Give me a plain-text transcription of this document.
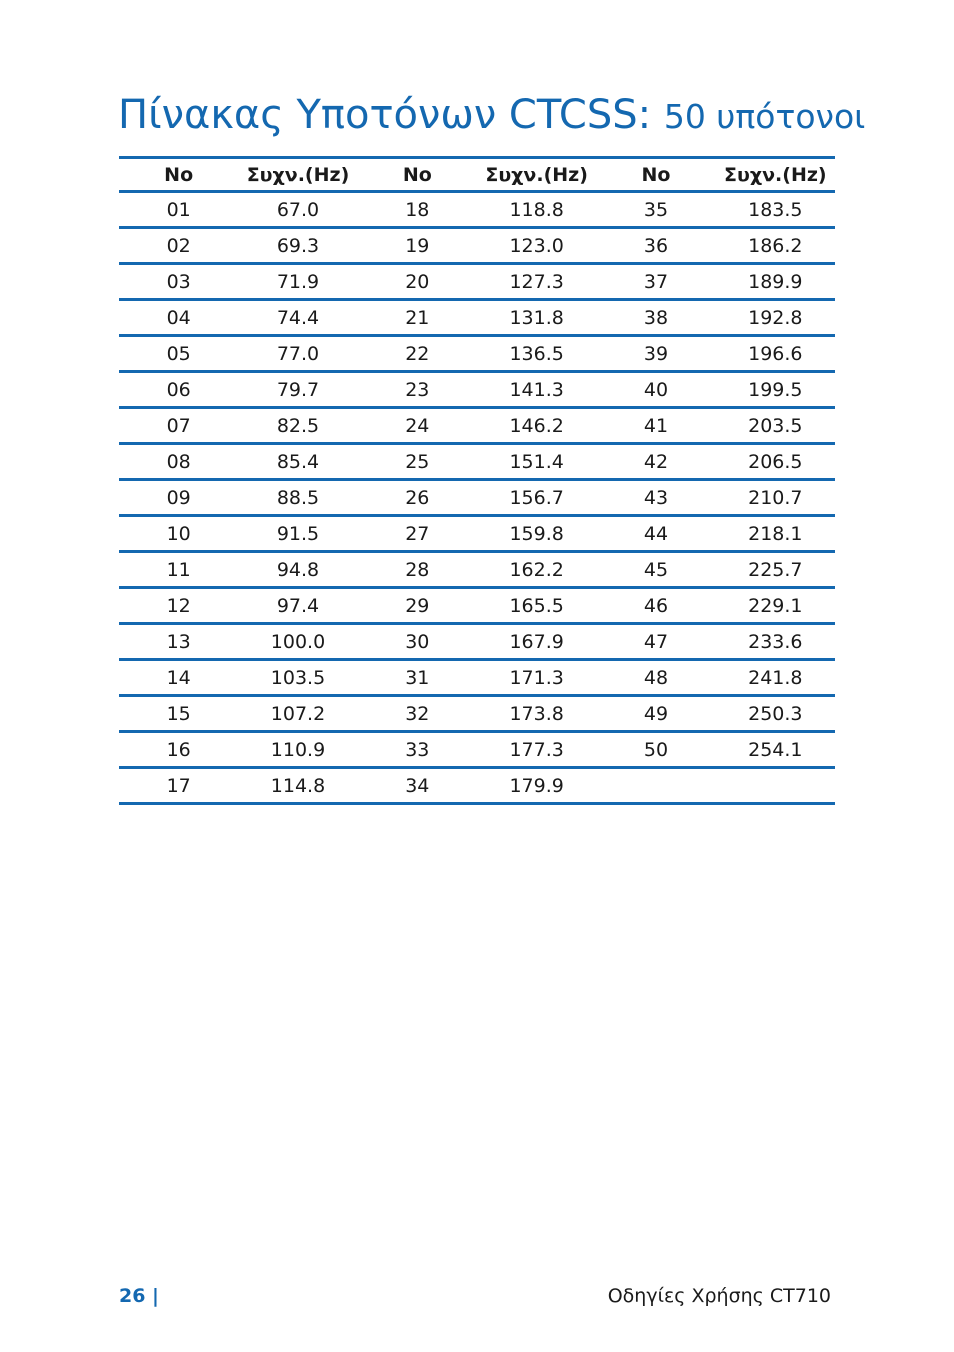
Πίνακας Υποτόνων CTCSS: 50 υπότονοι
No	Συχν.(Hz)	No	Συχν.(Hz)	No	Συχν.(Hz)
01	67.0	18	118.8	35	183.5
02	69.3	19	123.0	36	186.2
03	71.9	20	127.3	37	189.9
04	74.4	21	131.8	38	192.8
05	77.0	22	136.5	39	196.6
06	79.7	23	141.3	40	199.5
07	82.5	24	146.2	41	203.5
08	85.4	25	151.4	42	206.5
09	88.5	26	156.7	43	210.7
10	91.5	27	159.8	44	218.1
11	94.8	28	162.2	45	225.7
12	97.4	29	165.5	46	229.1
13	100.0	30	167.9	47	233.6
14	103.5	31	171.3	48	241.8
15	107.2	32	173.8	49	250.3
16	110.9	33	177.3	50	254.1
17	114.8	34	179.9		
26 |	Οδηγίες Χρήσης CT710
